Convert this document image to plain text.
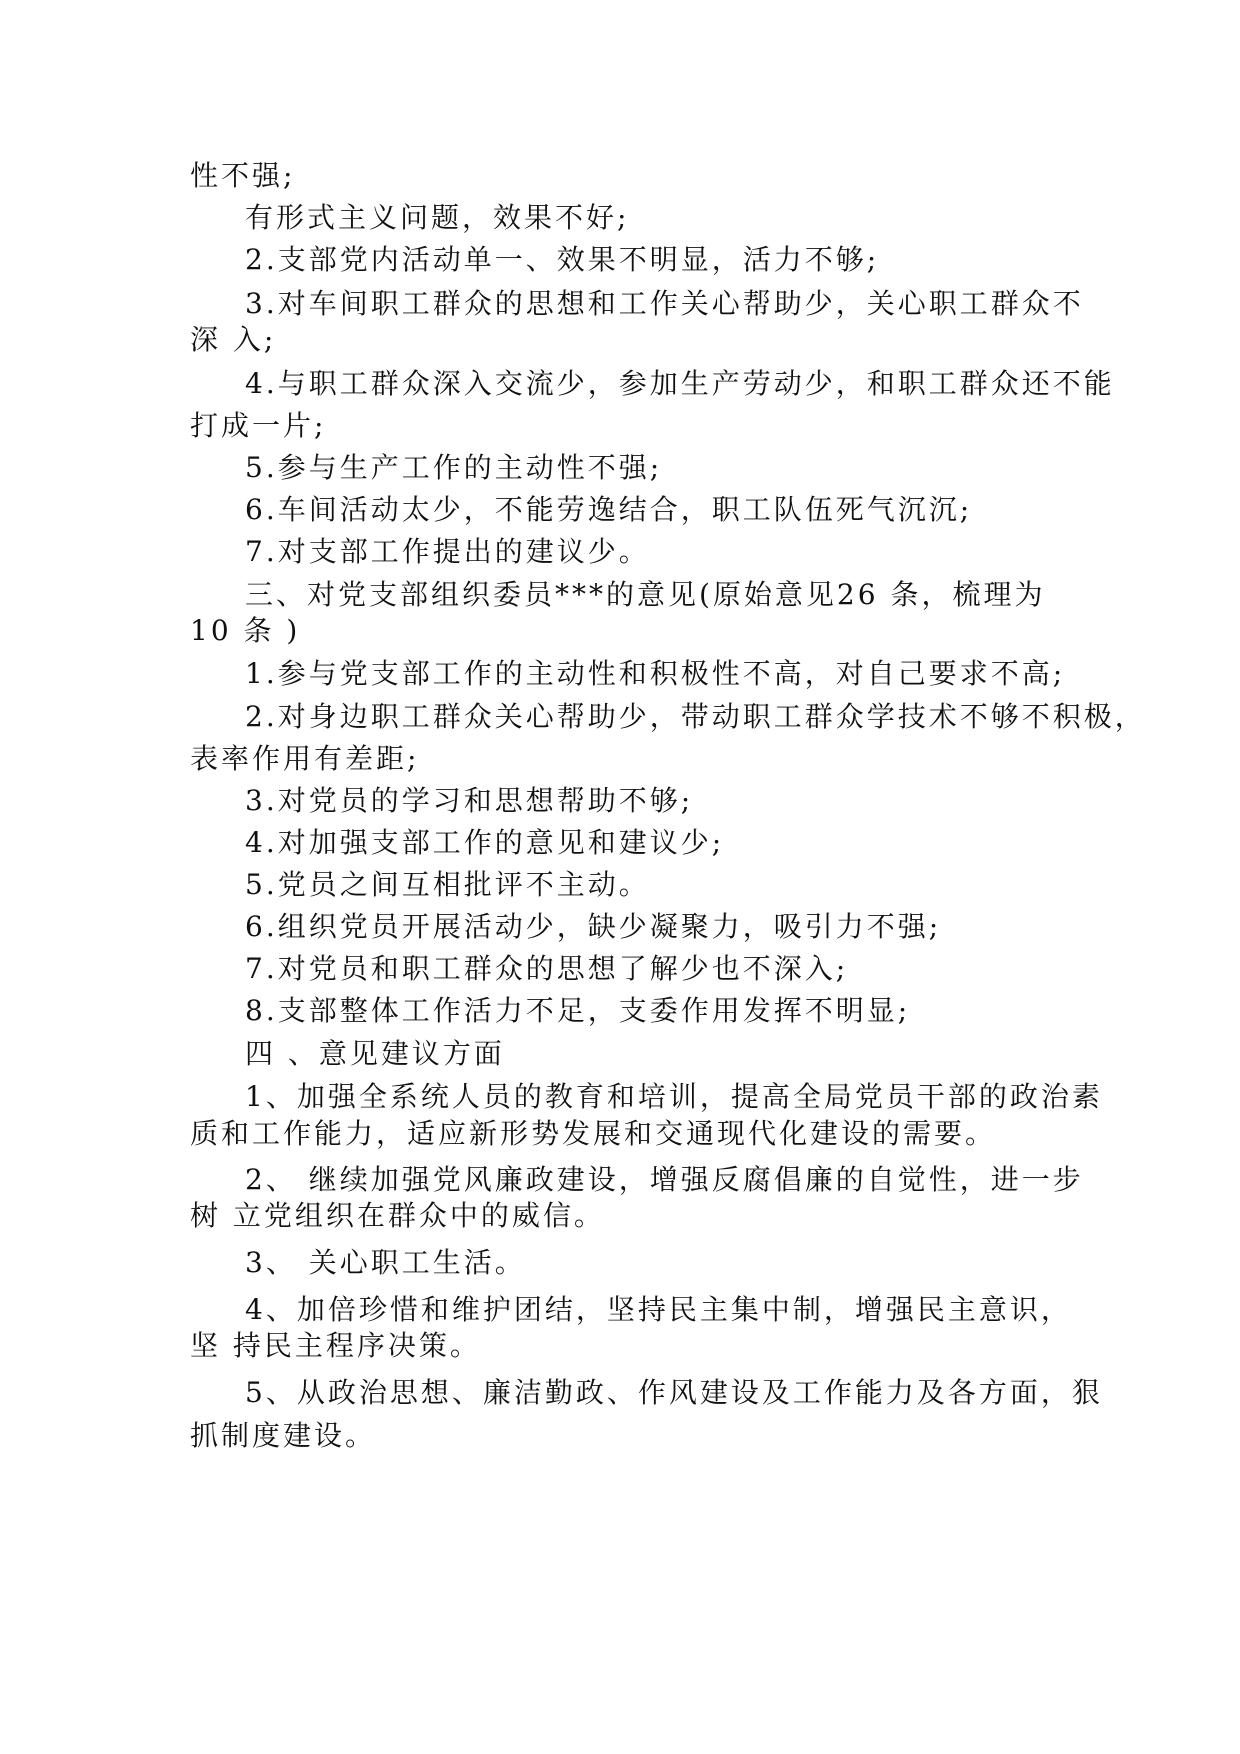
性不强;
有形式主义问题，效果不好;
2.支部党内活动单一、效果不明显，活力不够;
3.对车间职工群众的思想和工作关心帮助少，关心职工群众不
深 入;
4.与职工群众深入交流少，参加生产劳动少，和职工群众还不能
打成一片;
5.参与生产工作的主动性不强;
6.车间活动太少，不能劳逸结合，职工队伍死气沉沉;
7.对支部工作提出的建议少。
三、对党支部组织委员***的意见(原始意见26 条，梳理为
10 条 )
1.参与党支部工作的主动性和积极性不高，对自己要求不高;
2.对身边职工群众关心帮助少，带动职工群众学技术不够不积极，
表率作用有差距;
3.对党员的学习和思想帮助不够;
4.对加强支部工作的意见和建议少;
5.党员之间互相批评不主动。
6.组织党员开展活动少，缺少凝聚力，吸引力不强;
7.对党员和职工群众的思想了解少也不深入;
8.支部整体工作活力不足，支委作用发挥不明显;
四 、意见建议方面
1、加强全系统人员的教育和培训，提高全局党员干部的政治素
质和工作能力，适应新形势发展和交通现代化建设的需要。
2、 继续加强党风廉政建设，增强反腐倡廉的自觉性，进一步
树 立党组织在群众中的威信。
3、 关心职工生活。
4、加倍珍惜和维护团结，坚持民主集中制，增强民主意识，
坚 持民主程序决策。
5、从政治思想、廉洁勤政、作风建设及工作能力及各方面，狠
抓制度建设。
